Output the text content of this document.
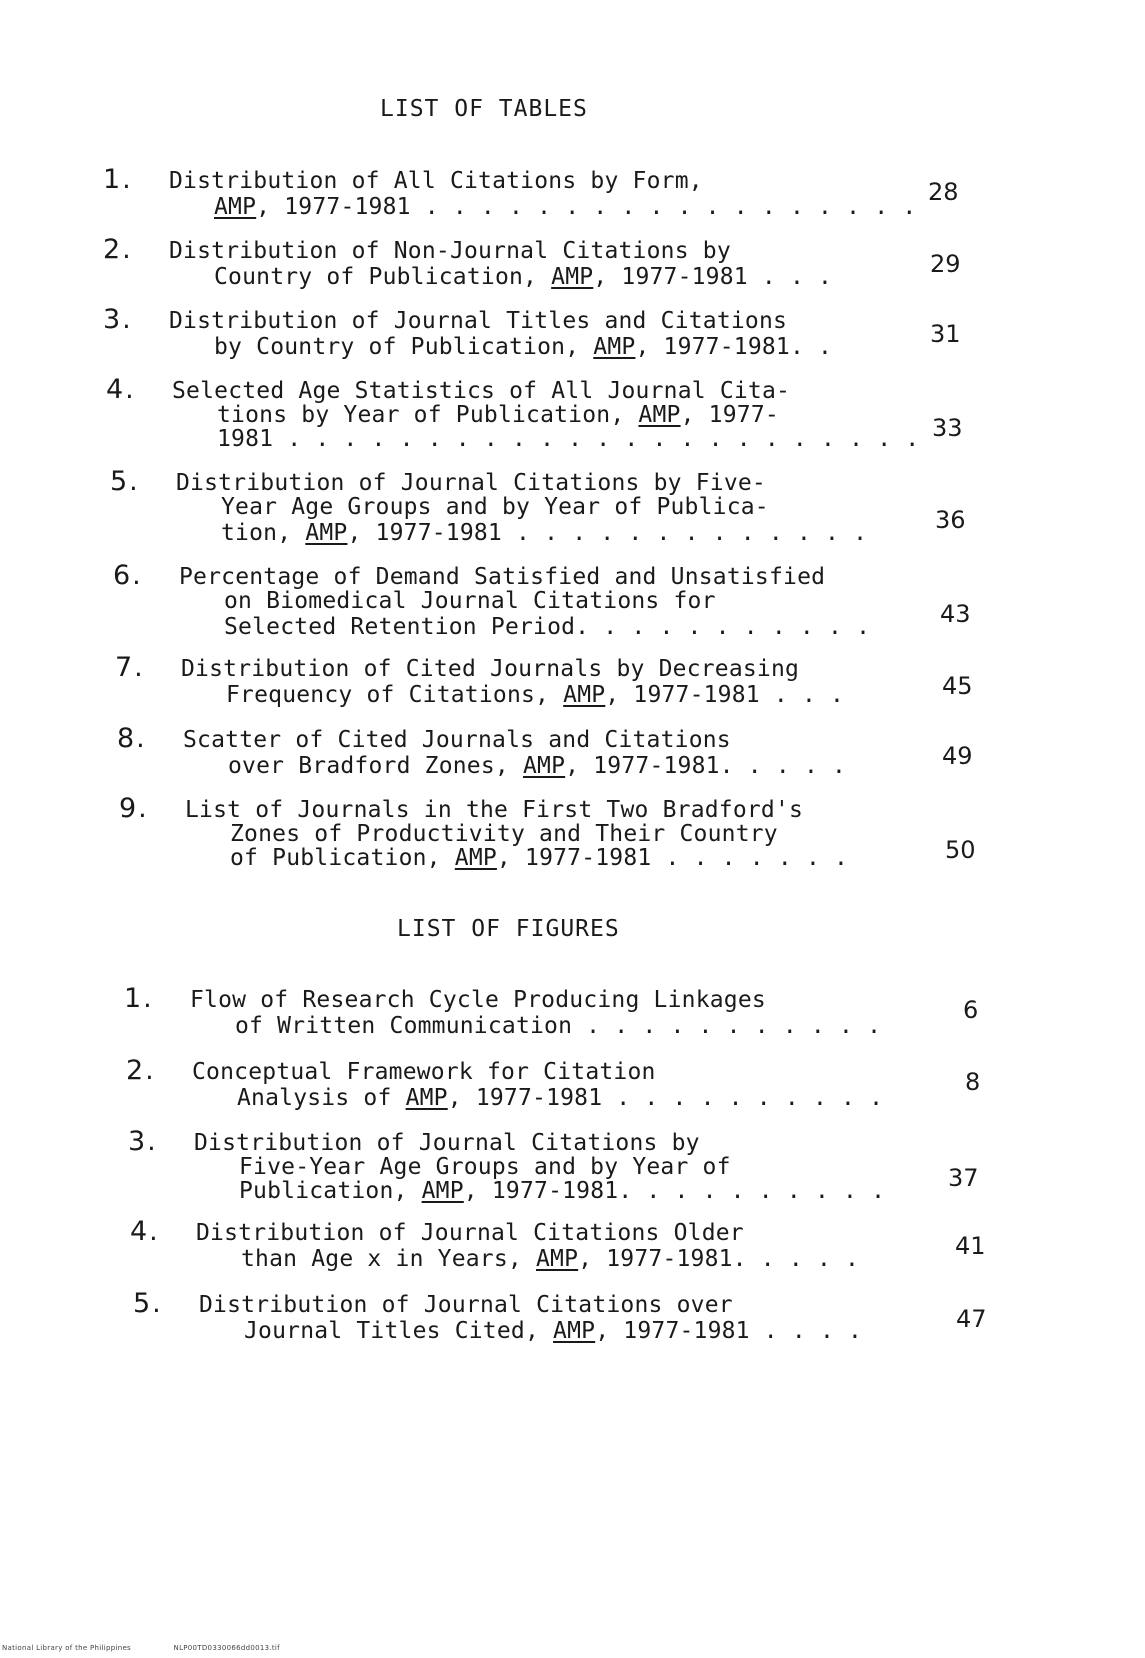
LIST OF TABLES
1. Distribution of All Citations by Form,
AMP, 1977-1981 . . . . . . . . . . . . . . . . . .
28
2. Distribution of Non-Journal Citations by
Country of Publication, AMP, 1977-1981 . . .	29
3. Distribution of Journal Titles and Citations
by Country of Publication, AMP, 1977-1981. .	31
4. Selected Age Statistics of All Journal Cita-
tions by Year of Publication, AMP, 1977-
1981 . . . . . . . . . . . . . . . . . . . . . . . 33
5. Distribution of Journal Citations by Five-
Year Age Groups and by Year of Publica-
tion, AMP, 1977-1981 . . . . . . . . . . . . .	36
6. Percentage of Demand Satisfied and Unsatisfied
on Biomedical Journal Citations for
Selected Retention Period. . . . . . . . . . .	43
7. Distribution of Cited Journals by Decreasing
Frequency of Citations, AMP, 1977-1981 . . .	45
8. Scatter of Cited Journals and Citations
over Bradford Zones, AMP, 1977-1981. . . . .	49
9. List of Journals in the First Two Bradford's
Zones of Productivity and Their Country
of Publication, AMP, 1977-1981 . . . . . . .	50
LIST OF FIGURES
1. Flow of Research Cycle Producing Linkages
of Written Communication . . . . . . . . . . .
6
2. Conceptual Framework for Citation
Analysis of AMP, 1977-1981 . . . . . . . . . .
8
3. Distribution of Journal Citations by
Five-Year Age Groups and by Year of
Publication, AMP, 1977-1981. . . . . . . . . .	37
4. Distribution of Journal Citations Older
than Age x in Years, AMP, 1977-1981. . . . .	41
5. Distribution of Journal Citations over
Journal Titles Cited, AMP, 1977-1981 . . . .	47
National Library of the Philippines	NLP00TD0330066dd0013.tif
